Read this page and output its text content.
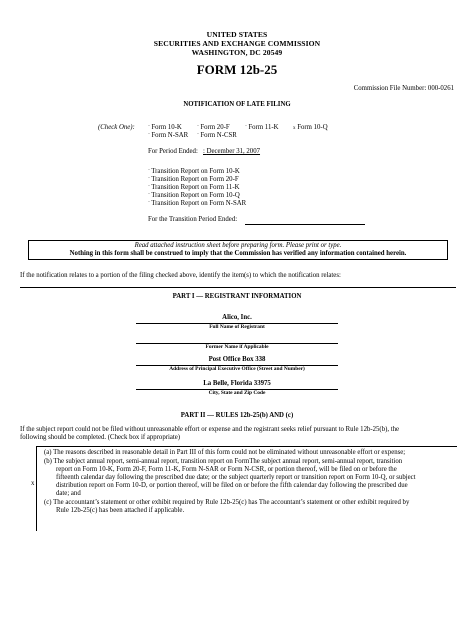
UNITED STATES
SECURITIES AND EXCHANGE COMMISSION
WASHINGTON, DC 20549
FORM 12b-25
Commission File Number: 000-0261
NOTIFICATION OF LATE FILING
(Check One):	¨ Form 10-K	¨ Form 20-F	¨ Form 11-K	x Form 10-Q
¨ Form N-SAR ¨ Form N-CSR
For Period Ended: : December 31, 2007
¨ Transition Report on Form 10-K
¨ Transition Report on Form 20-F
¨ Transition Report on Form 11-K
¨ Transition Report on Form 10-Q
¨ Transition Report on Form N-SAR
For the Transition Period Ended:
Read attached instruction sheet before preparing form. Please print or type.
Nothing in this form shall be construed to imply that the Commission has verified any information contained herein.
If the notification relates to a portion of the filing checked above, identify the item(s) to which the notification relates:
PART I — REGISTRANT INFORMATION
Alico, Inc.
Full Name of Registrant
Former Name if Applicable
Post Office Box 338
Address of Principal Executive Office (Street and Number)
La Belle, Florida 33975
City, State and Zip Code
PART II — RULES 12b-25(b) AND (c)
If the subject report could not be filed without unreasonable effort or expense and the registrant seeks relief pursuant to Rule 12b-25(b), the
following should be completed. (Check box if appropriate)
x
(a) The reasons described in reasonable detail in Part III of this form could not be eliminated without unreasonable effort or expense;
(b) The subject annual report, semi-annual report, transition report on FormThe subject annual report, semi-annual report, transition
report on Form 10-K, Form 20-F, Form 11-K, Form N-SAR or Form N-CSR, or portion thereof, will be filed on or before the
fifteenth calendar day following the prescribed due date; or the subject quarterly report or transition report on Form 10-Q, or subject
distribution report on Form 10-D, or portion thereof, will be filed on or before the fifth calendar day following the prescribed due
date; and
(c) The accountant’s statement or other exhibit required by Rule 12b-25(c) has The accountant’s statement or other exhibit required by
Rule 12b-25(c) has been attached if applicable.
